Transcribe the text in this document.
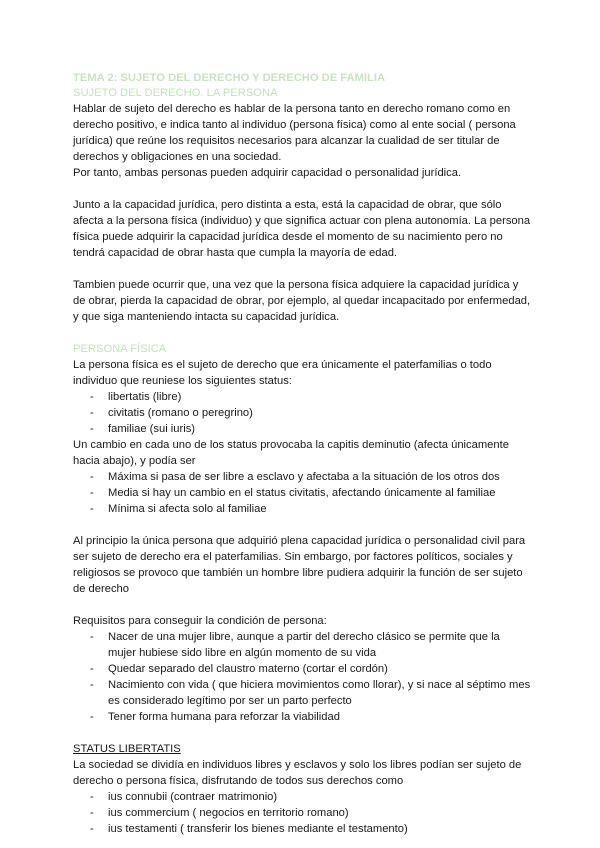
TEMA 2: SUJETO DEL DERECHO Y DERECHO DE FAMILIA
SUJETO DEL DERECHO. LA PERSONA
Hablar de sujeto del derecho es hablar de la persona tanto en derecho romano como en
derecho positivo, e indica tanto al individuo (persona física) como al ente social ( persona
jurídica) que reúne los requisitos necesarios para alcanzar la cualidad de ser titular de
derechos y obligaciones en una sociedad.
Por tanto, ambas personas pueden adquirir capacidad o personalidad jurídica.
Junto a la capacidad jurídica, pero distinta a esta, está la capacidad de obrar, que sólo
afecta a la persona física (individuo) y que significa actuar con plena autonomía. La persona
física puede adquirir la capacidad jurídica desde el momento de su nacimiento pero no
tendrá capacidad de obrar hasta que cumpla la mayoría de edad.
Tambien puede ocurrir que, una vez que la persona física adquiere la capacidad jurídica y
de obrar, pierda la capacidad de obrar, por ejemplo, al quedar incapacitado por enfermedad,
y que siga manteniendo intacta su capacidad jurídica.
PERSONA FÍSICA
La persona física es el sujeto de derecho que era únicamente el paterfamilias o todo
individuo que reuniese los siguientes status:
- libertatis (libre)
- civitatis (romano o peregrino)
- familiae (sui iuris)
Un cambio en cada uno de los status provocaba la capitis deminutio (afecta únicamente
hacia abajo), y podía ser
- Máxima si pasa de ser libre a esclavo y afectaba a la situación de los otros dos
- Media si hay un cambio en el status civitatis, afectando únicamente al familiae
- Mínima si afecta solo al familiae
Al principio la única persona que adquirió plena capacidad jurídica o personalidad civil para
ser sujeto de derecho era el paterfamilias. Sin embargo, por factores políticos, sociales y
religiosos se provoco que también un hombre libre pudiera adquirir la función de ser sujeto
de derecho
Requisitos para conseguir la condición de persona:
- Nacer de una mujer libre, aunque a partir del derecho clásico se permite que la
mujer hubiese sido libre en algún momento de su vida
- Quedar separado del claustro materno (cortar el cordón)
- Nacimiento con vida ( que hiciera movimientos como llorar), y si nace al séptimo mes
es considerado legítimo por ser un parto perfecto
- Tener forma humana para reforzar la viabilidad
STATUS LIBERTATIS
La sociedad se dividía en individuos libres y esclavos y solo los libres podían ser sujeto de
derecho o persona física, disfrutando de todos sus derechos como
- ius connubii (contraer matrimonio)
- ius commercium ( negocios en territorio romano)
- ius testamenti ( transferir los bienes mediante el testamento)
